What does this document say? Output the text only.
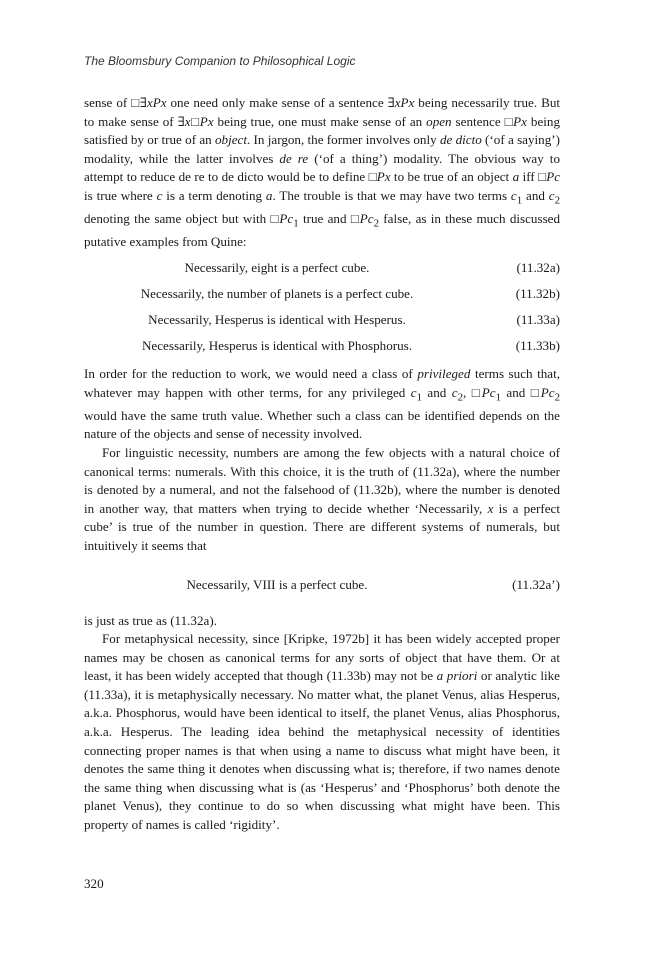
The Bloomsbury Companion to Philosophical Logic

sense of □∃xPx one need only make sense of a sentence ∃xPx being necessarily true. But to make sense of ∃x□Px being true, one must make sense of an open sentence □Px being satisfied by or true of an object. In jargon, the former involves only de dicto (‘of a saying’) modality, while the latter involves de re (‘of a thing’) modality. The obvious way to attempt to reduce de re to de dicto would be to define □Px to be true of an object a iff □Pc is true where c is a term denoting a. The trouble is that we may have two terms $c_1$ and $c_2$ denoting the same object but with $□Pc_1$ true and $□Pc_2$ false, as in these much discussed putative examples from Quine:

Necessarily, eight is a perfect cube.	(11.32a)
Necessarily, the number of planets is a perfect cube.	(11.32b)
Necessarily, Hesperus is identical with Hesperus.	(11.33a)
Necessarily, Hesperus is identical with Phosphorus.	(11.33b)

In order for the reduction to work, we would need a class of privileged terms such that, whatever may happen with other terms, for any privileged $c_1$ and $c_2$, $□Pc_1$ and $□Pc_2$ would have the same truth value. Whether such a class can be identified depends on the nature of the objects and sense of necessity involved.

For linguistic necessity, numbers are among the few objects with a natural choice of canonical terms: numerals. With this choice, it is the truth of (11.32a), where the number is denoted by a numeral, and not the falsehood of (11.32b), where the number is denoted in another way, that matters when trying to decide whether ‘Necessarily, x is a perfect cube’ is true of the number in question. There are different systems of numerals, but intuitively it seems that

Necessarily, VIII is a perfect cube.	(11.32a’)

is just as true as (11.32a).

For metaphysical necessity, since [Kripke, 1972b] it has been widely accepted proper names may be chosen as canonical terms for any sorts of object that have them. Or at least, it has been widely accepted that though (11.33b) may not be a priori or analytic like (11.33a), it is metaphysically necessary. No matter what, the planet Venus, alias Hesperus, a.k.a. Phosphorus, would have been identical to itself, the planet Venus, alias Phosphorus, a.k.a. Hesperus. The leading idea behind the metaphysical necessity of identities connecting proper names is that when using a name to discuss what might have been, it denotes the same thing it denotes when discussing what is; therefore, if two names denote the same thing when discussing what is (as ‘Hesperus’ and ‘Phosphorus’ both denote the planet Venus), they continue to do so when discussing what might have been. This property of names is called ‘rigidity’.

320
